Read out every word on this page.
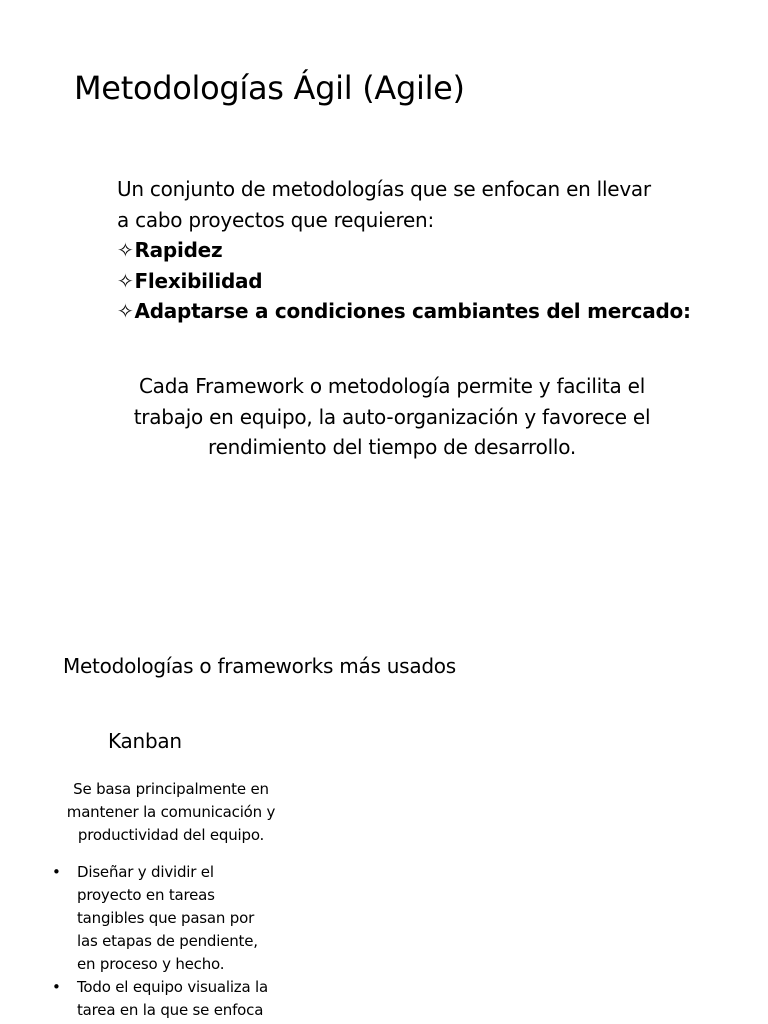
Metodologías Ágil (Agile)
Un conjunto de metodologías que se enfocan en llevar
a cabo proyectos que requieren:
✧Rapidez
✧Flexibilidad
✧Adaptarse a condiciones cambiantes del mercado:
Cada Framework o metodología permite y facilita el
trabajo en equipo, la auto-organización y favorece el
rendimiento del tiempo de desarrollo.
Metodologías o frameworks más usados
Kanban
Se basa principalmente en
mantener la comunicación y
productividad del equipo.
• Diseñar y dividir el
proyecto en tareas
tangibles que pasan por
las etapas de pendiente,
en proceso y hecho.
• Todo el equipo visualiza la
tarea en la que se enfoca
